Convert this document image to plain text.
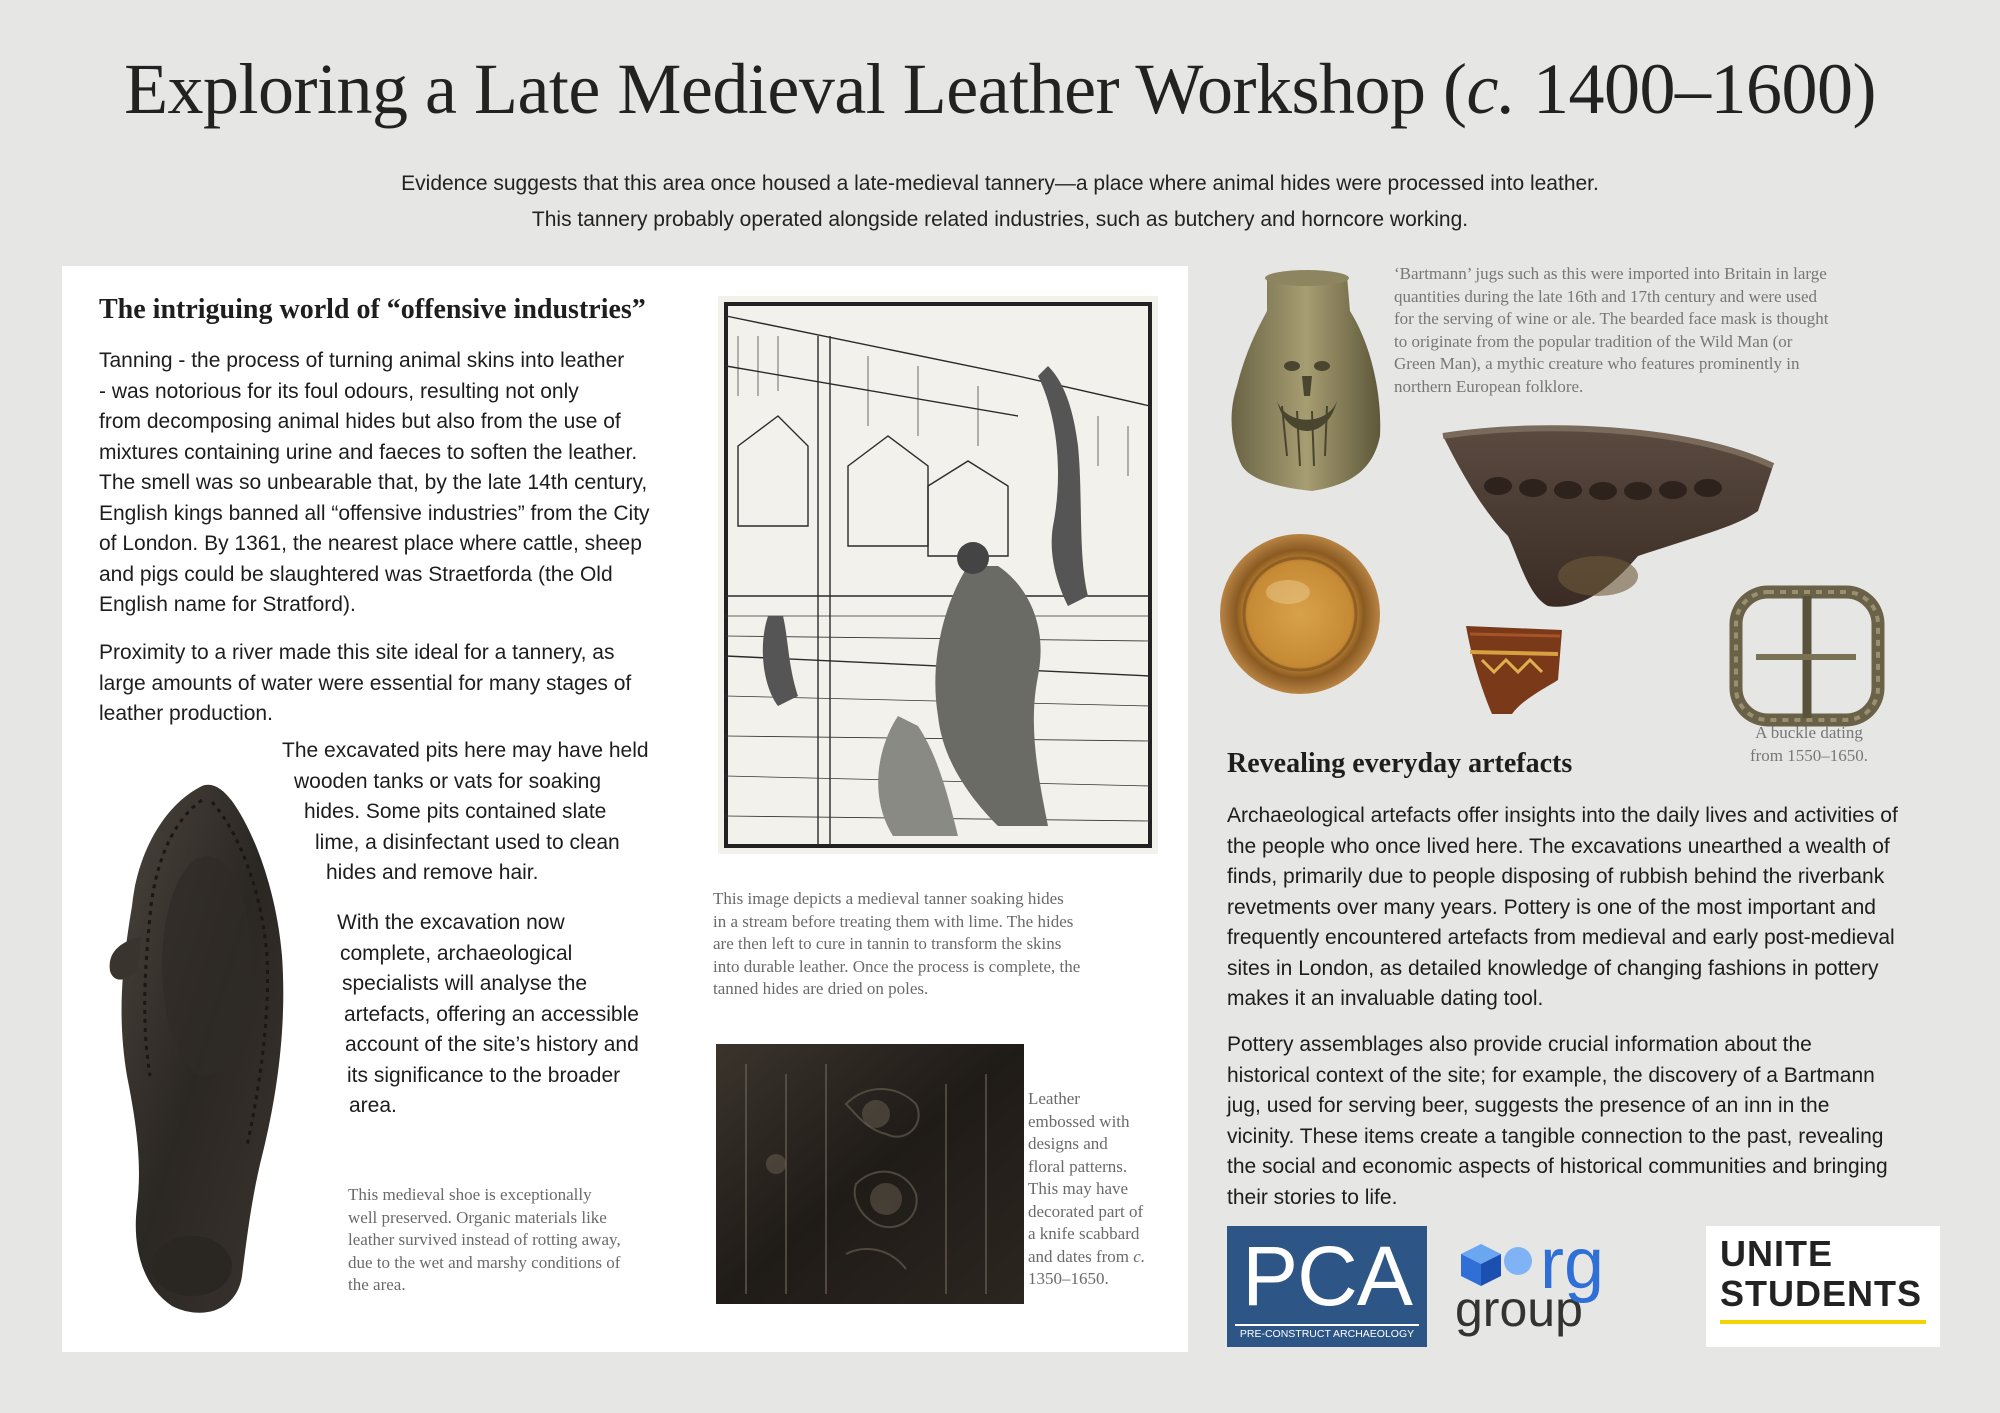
Exploring a Late Medieval Leather Workshop (c. 1400–1600)
Evidence suggests that this area once housed a late-medieval tannery—a place where animal hides were processed into leather.
This tannery probably operated alongside related industries, such as butchery and horncore working.
The intriguing world of “offensive industries”
Tanning - the process of turning animal skins into leather
- was notorious for its foul odours, resulting not only
from decomposing animal hides but also from the use of
mixtures containing urine and faeces to soften the leather.
The smell was so unbearable that, by the late 14th century,
English kings banned all “offensive industries” from the City
of London. By 1361, the nearest place where cattle, sheep
and pigs could be slaughtered was Straetforda (the Old
English name for Stratford).
Proximity to a river made this site ideal for a tannery, as
large amounts of water were essential for many stages of
leather production.
The excavated pits here may have held
wooden tanks or vats for soaking
hides. Some pits contained slate
lime, a disinfectant used to clean
hides and remove hair.
With the excavation now
complete, archaeological
specialists will analyse the
artefacts, offering an accessible
account of the site’s history and
its significance to the broader
area.
This medieval shoe is exceptionally
well preserved. Organic materials like
leather survived instead of rotting away,
due to the wet and marshy conditions of
the area.
This image depicts a medieval tanner soaking hides
in a stream before treating them with lime. The hides
are then left to cure in tannin to transform the skins
into durable leather. Once the process is complete, the
tanned hides are dried on poles.
Leather
embossed with
designs and
floral patterns.
This may have
decorated part of
a knife scabbard
and dates from c.
1350–1650.
‘Bartmann’ jugs such as this were imported into Britain in large
quantities during the late 16th and 17th century and were used
for the serving of wine or ale. The bearded face mask is thought
to originate from the popular tradition of the Wild Man (or
Green Man), a mythic creature who features prominently in
northern European folklore.
A buckle dating
from 1550–1650.
Revealing everyday artefacts
Archaeological artefacts offer insights into the daily lives and activities of
the people who once lived here. The excavations unearthed a wealth of
finds, primarily due to people disposing of rubbish behind the riverbank
revetments over many years. Pottery is one of the most important and
frequently encountered artefacts from medieval and early post-medieval
sites in London, as detailed knowledge of changing fashions in pottery
makes it an invaluable dating tool.
Pottery assemblages also provide crucial information about the
historical context of the site; for example, the discovery of a Bartmann
jug, used for serving beer, suggests the presence of an inn in the
vicinity. These items create a tangible connection to the past, revealing
the social and economic aspects of historical communities and bringing
their stories to life.
PCA
PRE-CONSTRUCT ARCHAEOLOGY group
rg	UNITE
STUDENTS
